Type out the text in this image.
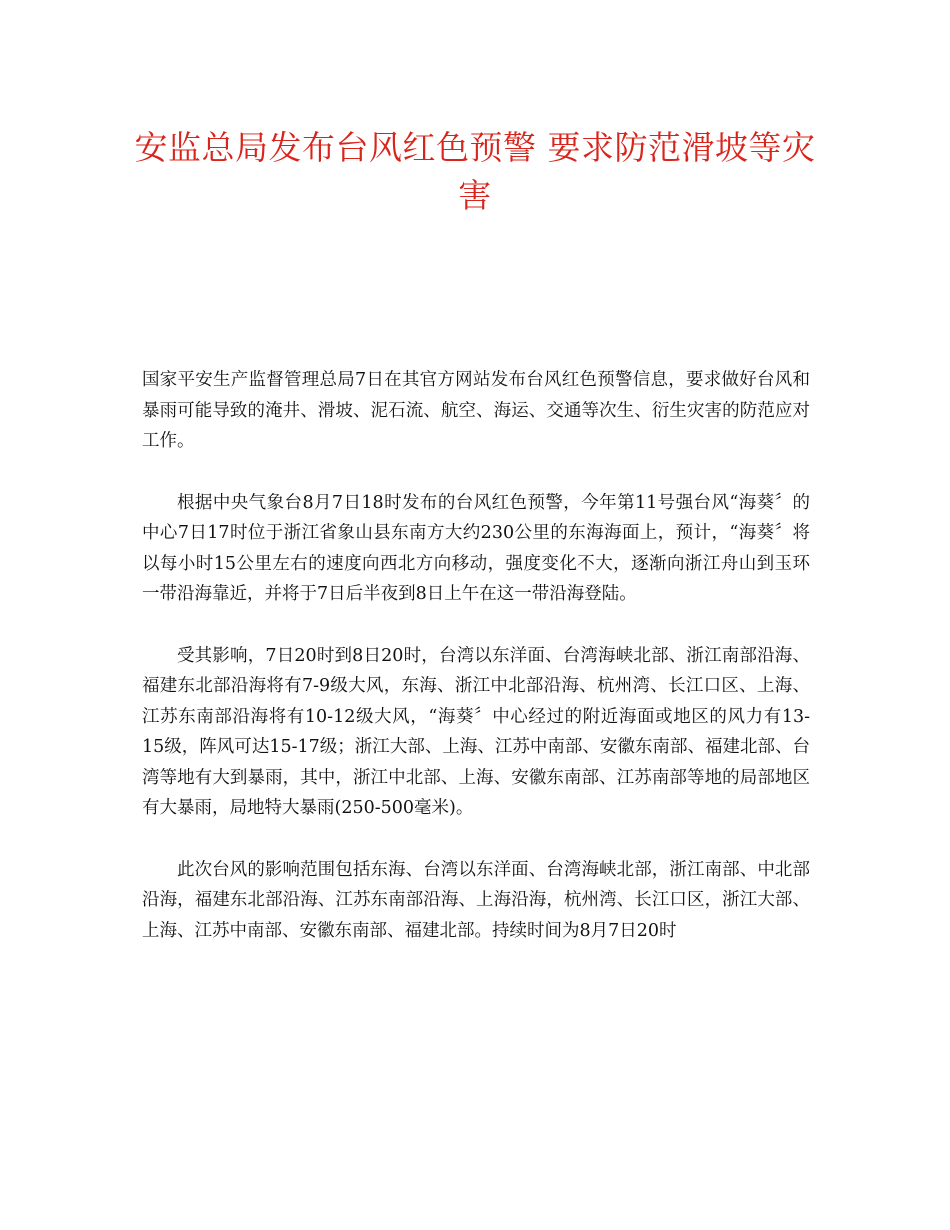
安监总局发布台风红色预警 要求防范滑坡等灾害

国家平安生产监督管理总局7日在其官方网站发布台风红色预警信息，要求做好台风和暴雨可能导致的淹井、滑坡、泥石流、航空、海运、交通等次生、衍生灾害的防范应对工作。

根据中央气象台8月7日18时发布的台风红色预警，今年第11号强台风“海葵〞的中心7日17时位于浙江省象山县东南方大约230公里的东海海面上，预计，“海葵〞将以每小时15公里左右的速度向西北方向移动，强度变化不大，逐渐向浙江舟山到玉环一带沿海靠近，并将于7日后半夜到8日上午在这一带沿海登陆。

受其影响，7日20时到8日20时，台湾以东洋面、台湾海峡北部、浙江南部沿海、福建东北部沿海将有7-9级大风，东海、浙江中北部沿海、杭州湾、长江口区、上海、江苏东南部沿海将有10-12级大风，“海葵〞中心经过的附近海面或地区的风力有13-15级，阵风可达15-17级；浙江大部、上海、江苏中南部、安徽东南部、福建北部、台湾等地有大到暴雨，其中，浙江中北部、上海、安徽东南部、江苏南部等地的局部地区有大暴雨，局地特大暴雨(250-500毫米)。

此次台风的影响范围包括东海、台湾以东洋面、台湾海峡北部，浙江南部、中北部沿海，福建东北部沿海、江苏东南部沿海、上海沿海，杭州湾、长江口区，浙江大部、上海、江苏中南部、安徽东南部、福建北部。持续时间为8月7日20时
